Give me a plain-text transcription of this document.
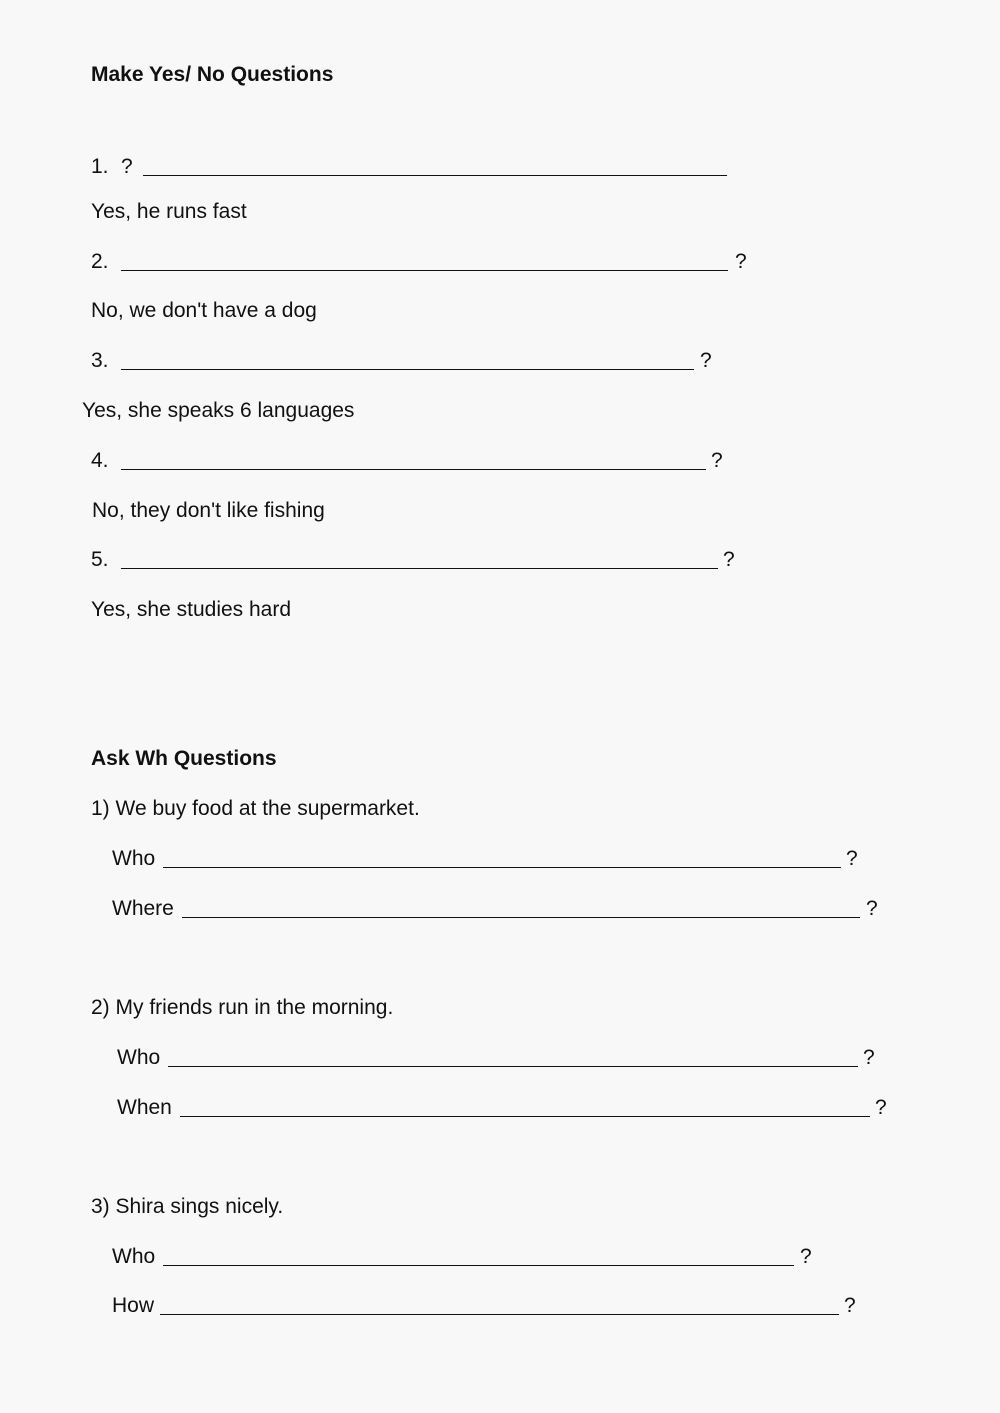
Make Yes/ No Questions
1. ?
Yes, he runs fast
2.	?
No, we don't have a dog
3.	?
Yes, she speaks 6 languages
4.	?
No, they don't like fishing
5.	?
Yes, she studies hard
Ask Wh Questions
1) We buy food at the supermarket.
Who	?
Where	?
2) My friends run in the morning.
Who	?
When	?
3) Shira sings nicely.
Who	?
How	?
